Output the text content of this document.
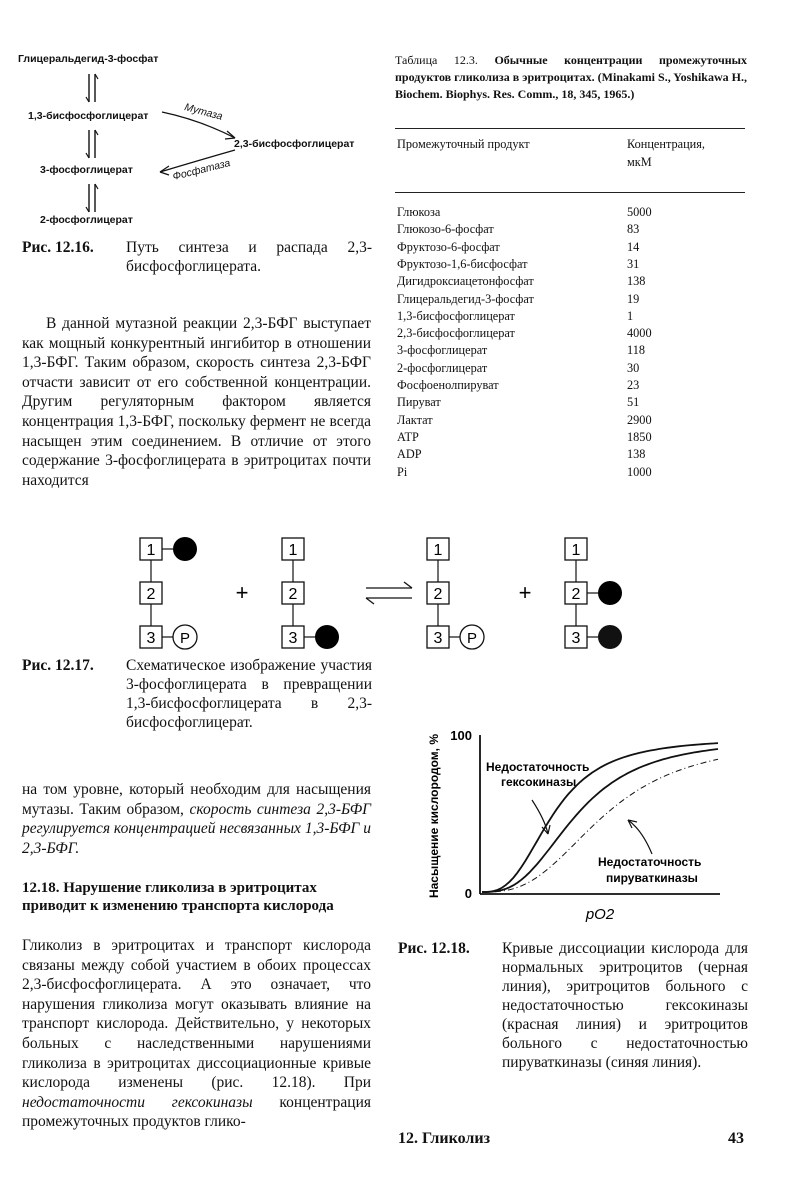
Глицеральдегид-3-фосфат
1,3-бисфосфоглицерат
3-фосфоглицерат
2-фосфоглицерат
2,3-бисфосфоглицерат
Мутаза
Фосфатаза
Рис. 12.16. Путь синтеза и распада 2,3-бисфосфоглицерата.
В данной мутазной реакции 2,3-БФГ выступает как мощный конкурентный ингибитор в отношении 1,3-БФГ. Таким образом, скорость синтеза 2,3-БФГ отчасти зависит от его собственной концентрации. Другим регуляторным фактором является концентрация 1,3-БФГ, поскольку фермент не всегда насыщен этим соединением. В отличие от этого содержание 3-фосфоглицерата в эритроцитах почти находится
Таблица 12.3. Обычные концентрации промежуточных продуктов гликолиза в эритроцитах. (Minakami S., Yoshikawa H., Biochem. Biophys. Res. Comm., 18, 345, 1965.)
Промежуточный продукт	Концентрация,
мкМ
Глюкоза	5000
Глюкозо-6-фосфат	83
Фруктозо-6-фосфат	14
Фруктозо-1,6-бисфосфат	31
Дигидроксиацетонфосфат	138
Глицеральдегид-3-фосфат	19
1,3-бисфосфоглицерат	1
2,3-бисфосфоглицерат	4000
3-фосфоглицерат	118
2-фосфоглицерат	30
Фосфоенолпируват	23
Пируват	51
Лактат	2900
ATP	1850
ADP	138
Pi	1000
1
2
3 P
+
1
2
3
1
2
3 P
+
1
2
3
Рис. 12.17. Схематическое изображение участия 3-фосфоглицерата в превращении 1,3-бисфосфоглицерата в 2,3-бисфосфоглицерат.
на том уровне, который необходим для насыщения мутазы. Таким образом, скорость синтеза 2,3-БФГ регулируется концентрацией несвязанных 1,3-БФГ и 2,3-БФГ.
12.18. Нарушение гликолиза в эритроцитах приводит к изменению транспорта кислорода
Гликолиз в эритроцитах и транспорт кислорода связаны между собой участием в обоих процессах 2,3-бисфосфоглицерата. А это означает, что нарушения гликолиза могут оказывать влияние на транспорт кислорода. Действительно, у некоторых больных с наследственными нарушениями гликолиза в эритроцитах диссоциационные кривые кислорода изменены (рис. 12.18). При недостаточности гексокиназы концентрация промежуточных продуктов глико-
100
0
Насыщение кислородом, %
pO2
Недостаточность
гексокиназы
Недостаточность
пируваткиназы
Рис. 12.18. Кривые диссоциации кислорода для нормальных эритроцитов (черная линия), эритроцитов больного с недостаточностью гексокиназы (красная линия) и эритроцитов больного с недостаточностью пируваткиназы (синяя линия).
12. Гликолиз	43
